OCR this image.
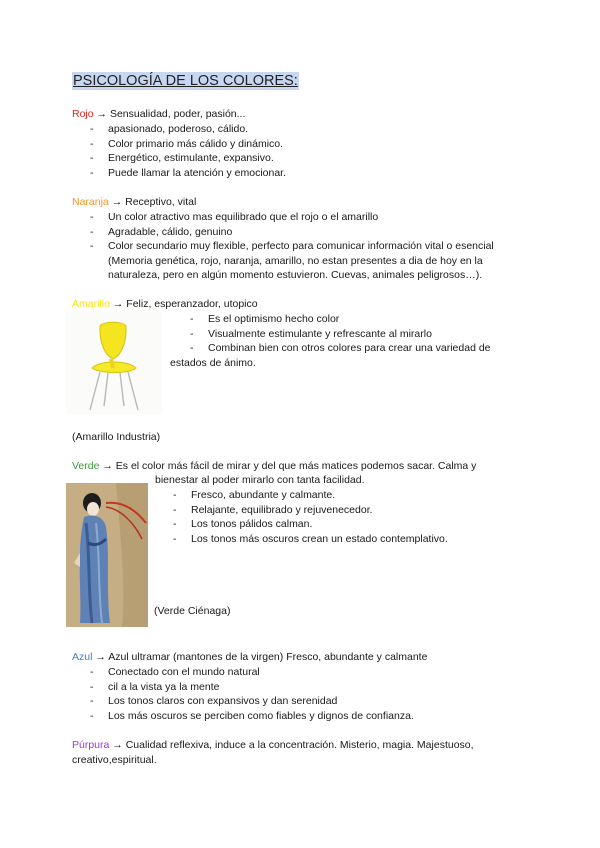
PSICOLOGÍA DE LOS COLORES:
Rojo → Sensualidad, poder, pasión...
- apasionado, poderoso, cálido.
- Color primario más cálido y dinámico.
- Energético, estimulante, expansivo.
- Puede llamar la atención y emocionar.
Naranja → Receptivo, vital
- Un color atractivo mas equilibrado que el rojo o el amarillo
- Agradable, cálido, genuino
- Color secundario muy flexible, perfecto para comunicar información vital o esencial (Memoria genética, rojo, naranja, amarillo, no estan presentes a dia de hoy en la naturaleza, pero en algún momento estuvieron. Cuevas, animales peligrosos…).
Amarillo → Feliz, esperanzador, utopico
- Es el optimismo hecho color
- Visualmente estimulante y refrescante al mirarlo
- Combinan bien con otros colores para crear una variedad de
estados de ánimo.
(Amarillo Industria)
Verde → Es el color más fácil de mirar y del que más matices podemos sacar. Calma y
bienestar al poder mirarlo con tanta facilidad.
- Fresco, abundante y calmante.
- Relajante, equilibrado y rejuvenecedor.
- Los tonos pálidos calman.
- Los tonos más oscuros crean un estado contemplativo.
(Verde Ciénaga)
Azul → Azul ultramar (mantones de la virgen) Fresco, abundante y calmante
- Conectado con el mundo natural
- cil a la vista ya la mente
- Los tonos claros con expansivos y dan serenidad
- Los más oscuros se perciben como fiables y dignos de confianza.
Púrpura → Cualidad reflexiva, induce a la concentración. Misterio, magia. Majestuoso, creativo,espiritual.
